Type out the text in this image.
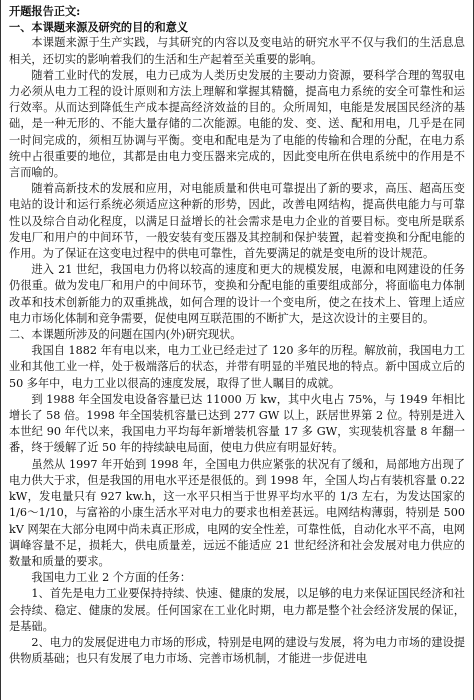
开题报告正文:
一、本课题来源及研究的目的和意义

本课题来源于生产实践，与其研究的内容以及变电站的研究水平不仅与我们的生活息息相关，还切实的影响着我们的生活和生产起着至关重要的影响。

随着工业时代的发展，电力已成为人类历史发展的主要动力资源，要科学合理的驾驭电力必须从电力工程的设计原则和方法上理解和掌握其精髓，提高电力系统的安全可靠性和运行效率。从而达到降低生产成本提高经济效益的目的。众所周知，电能是发展国民经济的基础，是一种无形的、不能大量存储的二次能源。电能的发、变、送、配和用电，几乎是在同一时间完成的，须相互协调与平衡。变电和配电是为了电能的传输和合理的分配，在电力系统中占很重要的地位，其都是由电力变压器来完成的，因此变电所在供电系统中的作用是不言而喻的。

随着高新技术的发展和应用，对电能质量和供电可靠提出了新的要求，高压、超高压变电站的设计和运行系统必须适应这种新的形势，因此，改善电网结构，提高供电能力与可靠性以及综合自动化程度，以满足日益增长的社会需求是电力企业的首要目标。变电所是联系发电厂和用户的中间环节，一般安装有变压器及其控制和保护装置，起着变换和分配电能的作用。为了保证在这变电过程中的供电可靠性，首先要满足的就是变电所的设计规范。

进入 21 世纪，我国电力仍将以较高的速度和更大的规模发展，电源和电网建设的任务仍很重。做为发电厂和用户的中间环节，变换和分配电能的重要组成部分，将面临电力体制改革和技术创新能力的双重挑战，如何合理的设计一个变电所，使之在技术上、管理上适应电力市场化体制和竞争需要，促使电网互联范围的不断扩大，是这次设计的主要目的。

二、本课题所涉及的问题在国内(外)研究现状。

我国自 1882 年有电以来，电力工业已经走过了 120 多年的历程。解放前，我国电力工业和其他工业一样，处于极端落后的状态，并带有明显的半殖民地的特点。新中国成立后的 50 多年中，电力工业以很高的速度发展，取得了世人瞩目的成就。

到 1988 年全国发电设备容量已达 11000 万 kw，其中火电占 75%，与 1949 年相比增长了 58 倍。1998 年全国装机容量已达到 277 GW 以上，跃居世界第 2 位。特别是进入本世纪 90 年代以来，我国电力平均每年新增装机容量 17 多 GW，实现装机容量 8 年翻一番，终于缓解了近 50 年的持续缺电局面，使电力供应有明显好转。

虽然从 1997 年开始到 1998 年，全国电力供应紧张的状况有了缓和，局部地方出现了电力供大于求，但是我国的用电水平还是很低的。到 1998 年，全国人均占有装机容量 0.22 kW，发电量只有 927 kw.h，这一水平只相当于世界平均水平的 1/3 左右，为发达国家的 1/6～1/10，与富裕的小康生活水平对电力的要求也相差甚远。电网结构薄弱，特别是 500 kV 网架在大部分电网中尚未真正形成，电网的安全性差，可靠性低，自动化水平不高，电网调峰容量不足，损耗大，供电质量差，远远不能适应 21 世纪经济和社会发展对电力供应的数量和质量的要求。

我国电力工业 2 个方面的任务：

1、首先是电力工业要保持持续、快速、健康的发展，以足够的电力来保证国民经济和社会持续、稳定、健康的发展。任何国家在工业化时期，电力都是整个社会经济发展的保证，是基础。

2、电力的发展促进电力市场的形成，特别是电网的建设与发展，将为电力市场的建设提供物质基础；也只有发展了电力市场、完善市场机制，才能进一步促进电
